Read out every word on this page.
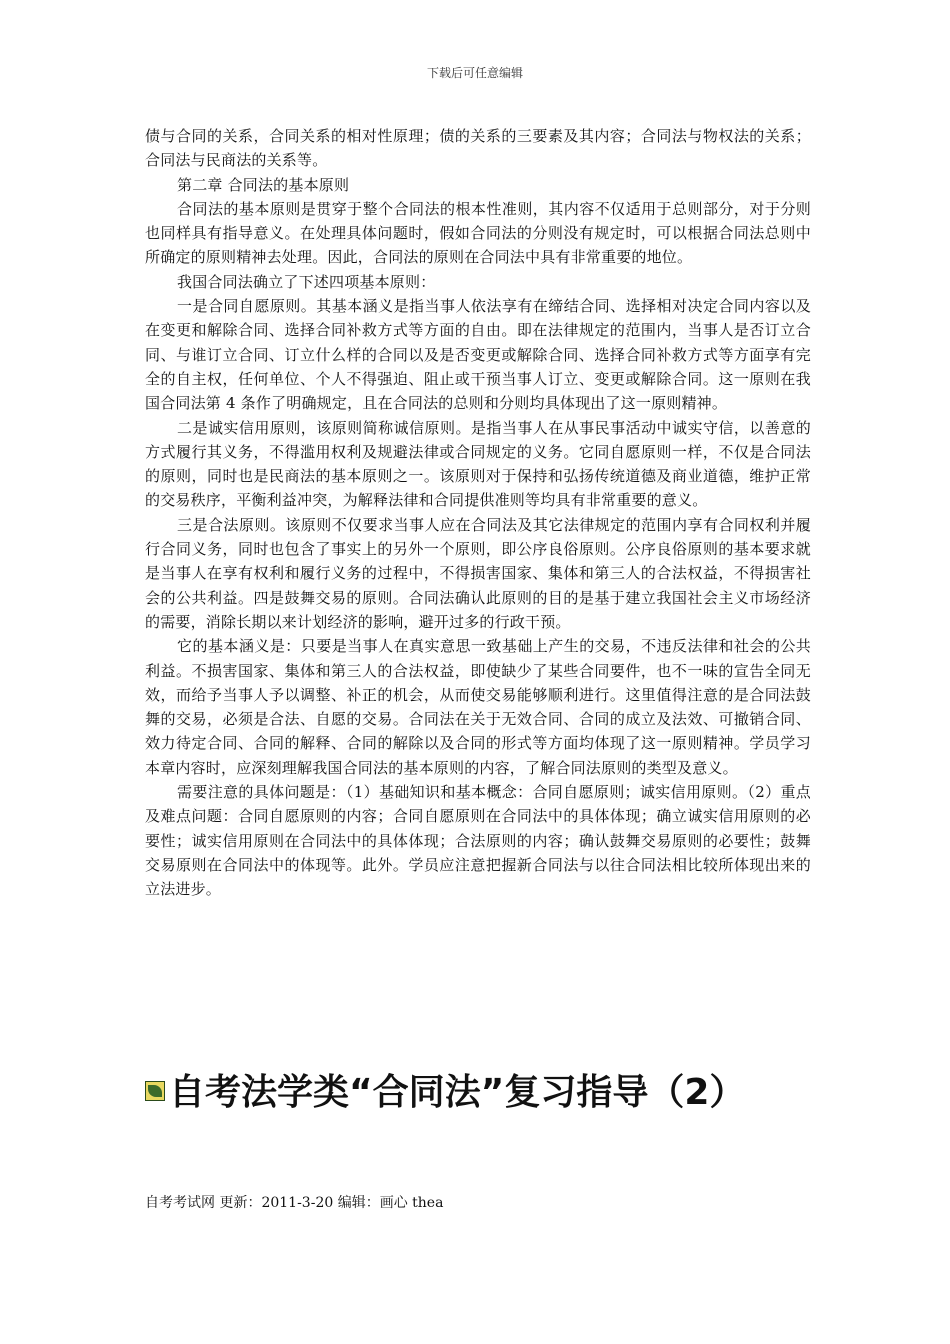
下载后可任意编辑

债与合同的关系，合同关系的相对性原理；债的关系的三要素及其内容；合同法与物权法的关系；合同法与民商法的关系等。

第二章 合同法的基本原则

合同法的基本原则是贯穿于整个合同法的根本性准则，其内容不仅适用于总则部分，对于分则也同样具有指导意义。在处理具体问题时，假如合同法的分则没有规定时，可以根据合同法总则中所确定的原则精神去处理。因此，合同法的原则在合同法中具有非常重要的地位。

我国合同法确立了下述四项基本原则：

一是合同自愿原则。其基本涵义是指当事人依法享有在缔结合同、选择相对决定合同内容以及在变更和解除合同、选择合同补救方式等方面的自由。即在法律规定的范围内，当事人是否订立合同、与谁订立合同、订立什么样的合同以及是否变更或解除合同、选择合同补救方式等方面享有完全的自主权，任何单位、个人不得强迫、阻止或干预当事人订立、变更或解除合同。这一原则在我国合同法第 4 条作了明确规定，且在合同法的总则和分则均具体现出了这一原则精神。

二是诚实信用原则，该原则简称诚信原则。是指当事人在从事民事活动中诚实守信，以善意的方式履行其义务，不得滥用权利及规避法律或合同规定的义务。它同自愿原则一样，不仅是合同法的原则，同时也是民商法的基本原则之一。该原则对于保持和弘扬传统道德及商业道德，维护正常的交易秩序，平衡利益冲突，为解释法律和合同提供准则等均具有非常重要的意义。

三是合法原则。该原则不仅要求当事人应在合同法及其它法律规定的范围内享有合同权利并履行合同义务，同时也包含了事实上的另外一个原则，即公序良俗原则。公序良俗原则的基本要求就是当事人在享有权利和履行义务的过程中，不得损害国家、集体和第三人的合法权益，不得损害社会的公共利益。四是鼓舞交易的原则。合同法确认此原则的目的是基于建立我国社会主义市场经济的需要，消除长期以来计划经济的影响，避开过多的行政干预。

它的基本涵义是：只要是当事人在真实意思一致基础上产生的交易，不违反法律和社会的公共利益。不损害国家、集体和第三人的合法权益，即使缺少了某些合同要件，也不一味的宣告全同无效，而给予当事人予以调整、补正的机会，从而使交易能够顺利进行。这里值得注意的是合同法鼓舞的交易，必须是合法、自愿的交易。合同法在关于无效合同、合同的成立及法效、可撤销合同、效力待定合同、合同的解释、合同的解除以及合同的形式等方面均体现了这一原则精神。学员学习本章内容时，应深刻理解我国合同法的基本原则的内容，了解合同法原则的类型及意义。

需要注意的具体问题是：（1）基础知识和基本概念：合同自愿原则；诚实信用原则。（2）重点及难点问题：合同自愿原则的内容；合同自愿原则在合同法中的具体体现；确立诚实信用原则的必要性；诚实信用原则在合同法中的具体体现；合法原则的内容；确认鼓舞交易原则的必要性；鼓舞交易原则在合同法中的体现等。此外。学员应注意把握新合同法与以往合同法相比较所体现出来的立法进步。

自考法学类“合同法”复习指导（2）
自考考试网 更新：2011-3-20 编辑：画心 thea
